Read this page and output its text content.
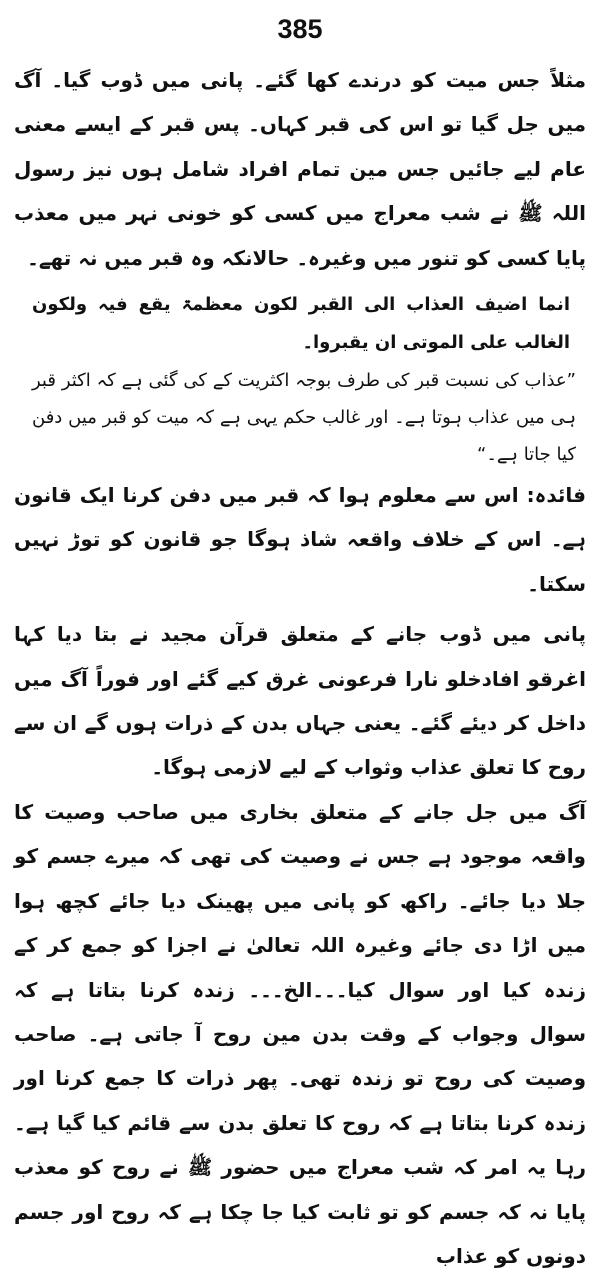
385

مثلاً جس میت کو درندے کھا گئے۔ پانی میں ڈوب گیا۔ آگ میں جل گیا تو اس کی قبر کہاں۔ پس قبر کے ایسے معنی عام لیے جائیں جس مین تمام افراد شامل ہوں نیز رسول اللہ ﷺ نے شب معراج میں کسی کو خونی نہر میں معذب پایا کسی کو تنور میں وغیرہ۔ حالانکہ وہ قبر میں نہ تھے۔

انما اضیف العذاب الی القبر لکون معظمۃ یقع فیہ ولکون الغالب علی الموتی ان یقبروا۔

”عذاب کی نسبت قبر کی طرف بوجہ اکثریت کے کی گئی ہے کہ اکثر قبر ہی میں عذاب ہوتا ہے۔ اور غالب حکم یہی ہے کہ میت کو قبر میں دفن کیا جاتا ہے۔“

فائدہ: اس سے معلوم ہوا کہ قبر میں دفن کرنا ایک قانون ہے۔ اس کے خلاف واقعہ شاذ ہوگا جو قانون کو توڑ نہیں سکتا۔

پانی میں ڈوب جانے کے متعلق قرآن مجید نے بتا دیا کہا اغرقو افادخلو نارا فرعونی غرق کیے گئے اور فوراً آگ میں داخل کر دیئے گئے۔ یعنی جہاں بدن کے ذرات ہوں گے ان سے روح کا تعلق عذاب وثواب کے لیے لازمی ہوگا۔

آگ میں جل جانے کے متعلق بخاری میں صاحب وصیت کا واقعہ موجود ہے جس نے وصیت کی تھی کہ میرے جسم کو جلا دیا جائے۔ راکھ کو پانی میں پھینک دیا جائے کچھ ہوا میں اڑا دی جائے وغیرہ اللہ تعالیٰ نے اجزا کو جمع کر کے زندہ کیا اور سوال کیا۔۔۔الخ۔۔۔ زندہ کرنا بتاتا ہے کہ سوال وجواب کے وقت بدن مین روح آ جاتی ہے۔ صاحب وصیت کی روح تو زندہ تھی۔ پھر ذرات کا جمع کرنا اور زندہ کرنا بتاتا ہے کہ روح کا تعلق بدن سے قائم کیا گیا ہے۔ رہا یہ امر کہ شب معراج میں حضور ﷺ نے روح کو معذب پایا نہ کہ جسم کو تو ثابت کیا جا چکا ہے کہ روح اور جسم دونوں کو عذاب
